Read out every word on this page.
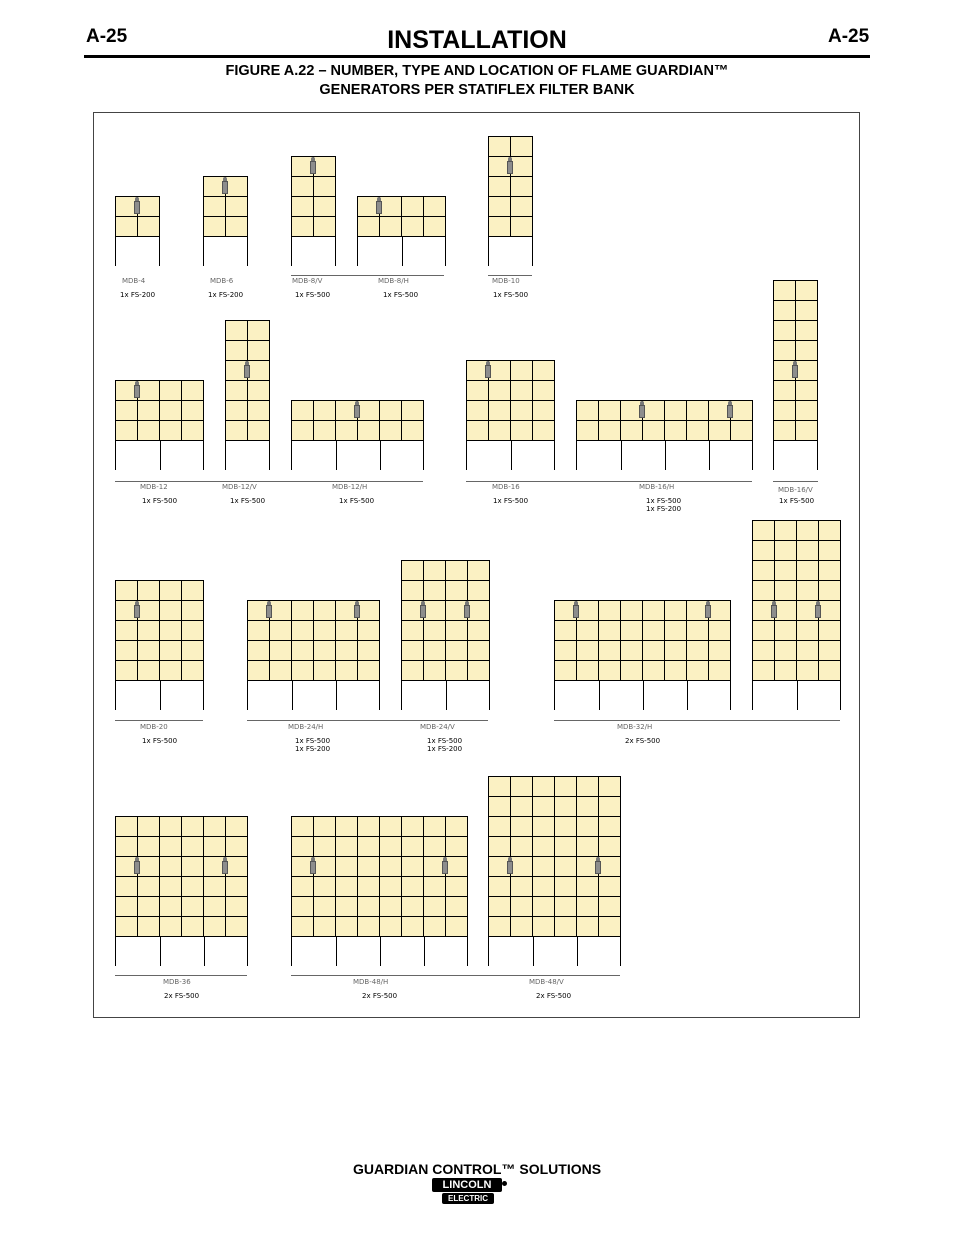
A-25	INSTALLATION	A-25
FIGURE A.22 – NUMBER, TYPE AND LOCATION OF FLAME GUARDIAN™
GENERATORS PER STATIFLEX FILTER BANK
MDB-4
1x FS-200
MDB-6
1x FS-200
MDB-8/V
1x FS-500
MDB-8/H
1x FS-500
MDB-10
1x FS-500
MDB-12
1x FS-500
MDB-12/V
1x FS-500
MDB-12/H
1x FS-500
MDB-16
1x FS-500
MDB-16/H
1x FS-500
1x FS-200
MDB-16/V
1x FS-500
MDB-20
1x FS-500
MDB-24/H
1x FS-500
1x FS-200
MDB-24/V
1x FS-500
1x FS-200
MDB-32/H
2x FS-500
MDB-36
2x FS-500
MDB-48/H
2x FS-500
MDB-48/V
2x FS-500
GUARDIAN CONTROL™ SOLUTIONS
LINCOLN
ELECTRIC
